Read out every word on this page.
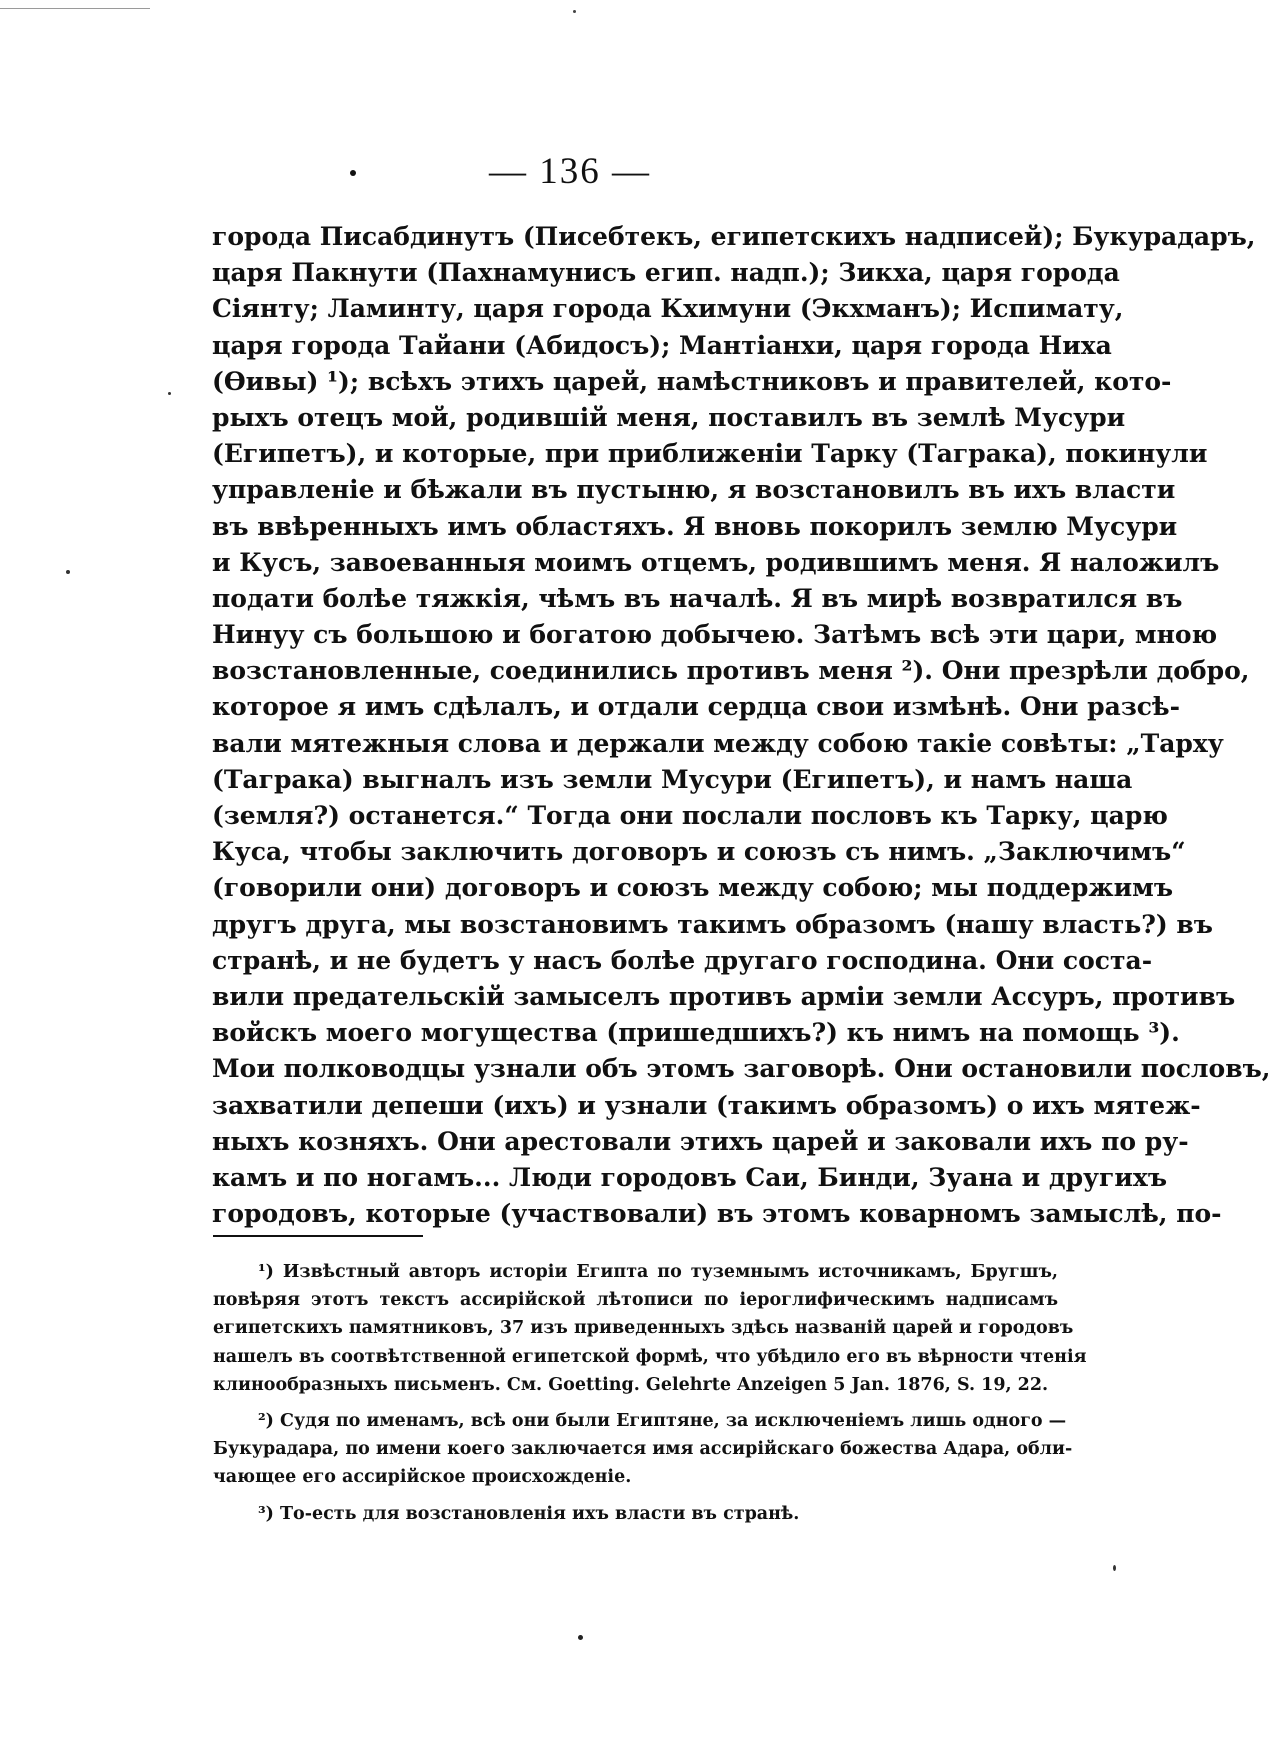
— 136 —
города Писабдинутъ (Писебтекъ, египетскихъ надписей); Букурадаръ,
царя Пакнути (Пахнамунисъ егип. надп.); Зикха, царя города
Сіянту; Ламинту, царя города Кхимуни (Экхманъ); Испимату,
царя города Тайани (Абидосъ); Мантіанхи, царя города Ниха
(Өивы) ¹); всѣхъ этихъ царей, намѣстниковъ и правителей, кото-
рыхъ отецъ мой, родившій меня, поставилъ въ землѣ Мусури
(Египетъ), и которые, при приближеніи Тарку (Таграка), покинули
управленіе и бѣжали въ пустыню, я возстановилъ въ ихъ власти
въ ввѣренныхъ имъ областяхъ. Я вновь покорилъ землю Мусури
и Кусъ, завоеванныя моимъ отцемъ, родившимъ меня. Я наложилъ
подати болѣе тяжкія, чѣмъ въ началѣ. Я въ мирѣ возвратился въ
Нинуу съ большою и богатою добычею. Затѣмъ всѣ эти цари, мною
возстановленные, соединились противъ меня ²). Они презрѣли добро,
которое я имъ сдѣлалъ, и отдали сердца свои измѣнѣ. Они разсѣ-
вали мятежныя слова и держали между собою такіе совѣты: „Тарху
(Таграка) выгналъ изъ земли Мусури (Египетъ), и намъ наша
(земля?) останется.“ Тогда они послали пословъ къ Тарку, царю
Куса, чтобы заключить договоръ и союзъ съ нимъ. „Заключимъ“
(говорили они) договоръ и союзъ между собою; мы поддержимъ
другъ друга, мы возстановимъ такимъ образомъ (нашу власть?) въ
странѣ, и не будетъ у насъ болѣе другаго господина. Они соста-
вили предательскій замыселъ противъ арміи земли Ассуръ, противъ
войскъ моего могущества (пришедшихъ?) къ нимъ на помощь ³).
Мои полководцы узнали объ этомъ заговорѣ. Они остановили пословъ,
захватили депеши (ихъ) и узнали (такимъ образомъ) о ихъ мятеж-
ныхъ козняхъ. Они арестовали этихъ царей и заковали ихъ по ру-
камъ и по ногамъ... Люди городовъ Саи, Бинди, Зуана и другихъ
городовъ, которые (участвовали) въ этомъ коварномъ замыслѣ, по-
¹) Извѣстный авторъ исторіи Египта по туземнымъ источникамъ, Бругшъ,
повѣряя этотъ текстъ ассирійской лѣтописи по іероглифическимъ надписамъ
египетскихъ памятниковъ, 37 изъ приведенныхъ здѣсь названій царей и городовъ
нашелъ въ соотвѣтственной египетской формѣ, что убѣдило его въ вѣрности чтенія
клинообразныхъ письменъ. См. Goetting. Gelehrte Anzeigen 5 Jan. 1876, S. 19, 22.
²) Судя по именамъ, всѣ они были Египтяне, за исключеніемъ лишь одного —
Букурадара, по имени коего заключается имя ассирійскаго божества Адара, обли-
чающее его ассирійское происхожденіе.
³) То-есть для возстановленія ихъ власти въ странѣ.
